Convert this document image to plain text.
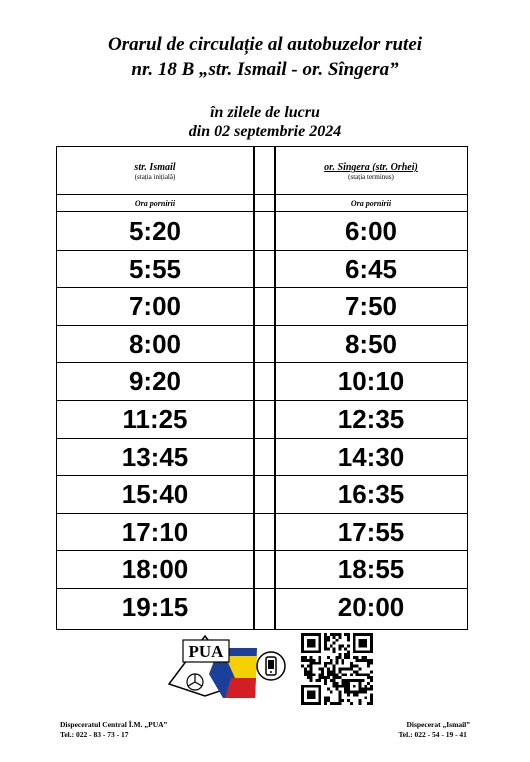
Orarul de circulație al autobuzelor rutei
nr. 18 B „str. Ismail - or. Sîngera”
în zilele de lucru
din 02 septembrie 2024
str. Ismail
(stația inițială)
or. Sîngera (str. Orhei)
(stația terminus)
Ora pornirii	Ora pornirii
5:20	6:00
5:55	6:45
7:00	7:50
8:00	8:50
9:20	10:10
11:25	12:35
13:45	14:30
15:40	16:35
17:10	17:55
18:00	18:55
19:15	20:00
PUA
Dispeceratul Central Î.M. „PUA”
Tel.: 022 - 83 - 73 - 17
Dispecerat „Ismail”
Tel.: 022 - 54 - 19 - 41
